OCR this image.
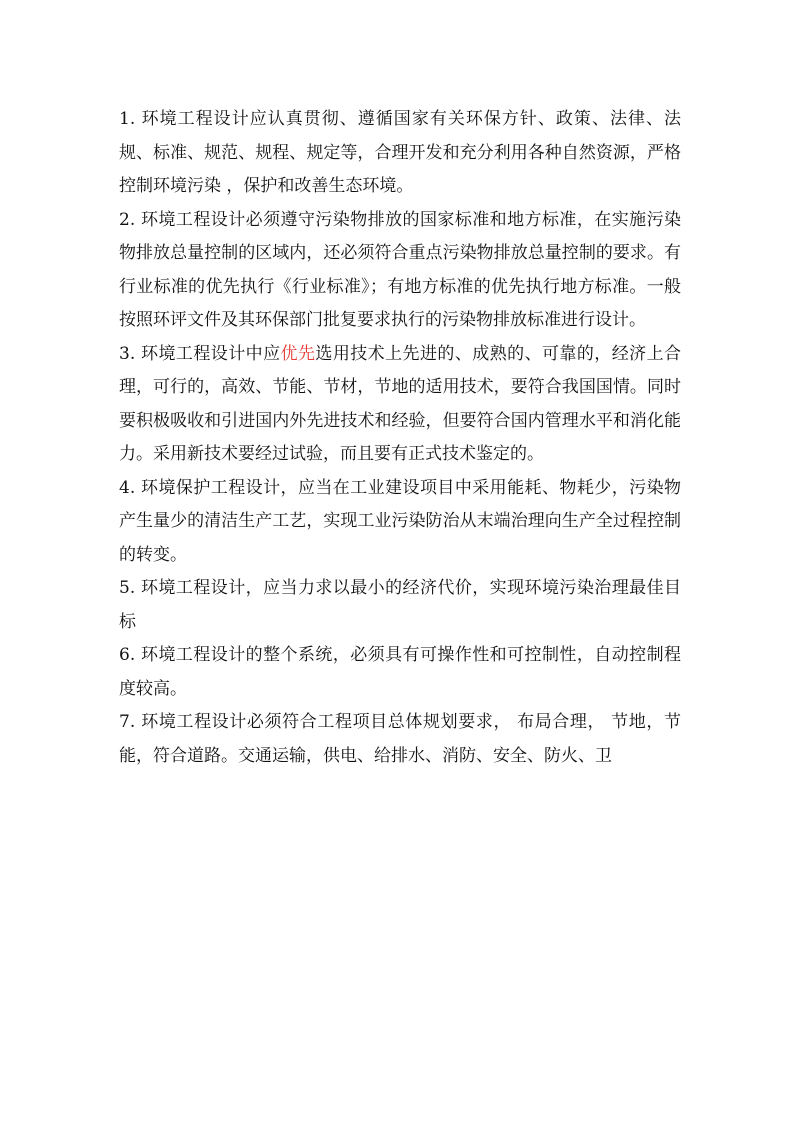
1. 环境工程设计应认真贯彻、遵循国家有关环保方针、政策、法律、法规、标准、规范、规程、规定等，合理开发和充分利用各种自然资源，严格控制环境污染 ，保护和改善生态环境。

2. 环境工程设计必须遵守污染物排放的国家标准和地方标准，在实施污染物排放总量控制的区域内，还必须符合重点污染物排放总量控制的要求。有行业标准的优先执行《行业标准》；有地方标准的优先执行地方标准。一般按照环评文件及其环保部门批复要求执行的污染物排放标准进行设计。

3. 环境工程设计中应优先选用技术上先进的、成熟的、可靠的，经济上合理，可行的，高效、节能、节材，节地的适用技术，要符合我国国情。同时要积极吸收和引进国内外先进技术和经验，但要符合国内管理水平和消化能力。采用新技术要经过试验，而且要有正式技术鉴定的。

4. 环境保护工程设计，应当在工业建设项目中采用能耗、物耗少，污染物产生量少的清洁生产工艺，实现工业污染防治从末端治理向生产全过程控制的转变。

5. 环境工程设计，应当力求以最小的经济代价，实现环境污染治理最佳目标

6. 环境工程设计的整个系统，必须具有可操作性和可控制性，自动控制程度较高。

7. 环境工程设计必须符合工程项目总体规划要求， 布局合理， 节地，节能，符合道路。交通运输，供电、给排水、消防、安全、防火、卫
